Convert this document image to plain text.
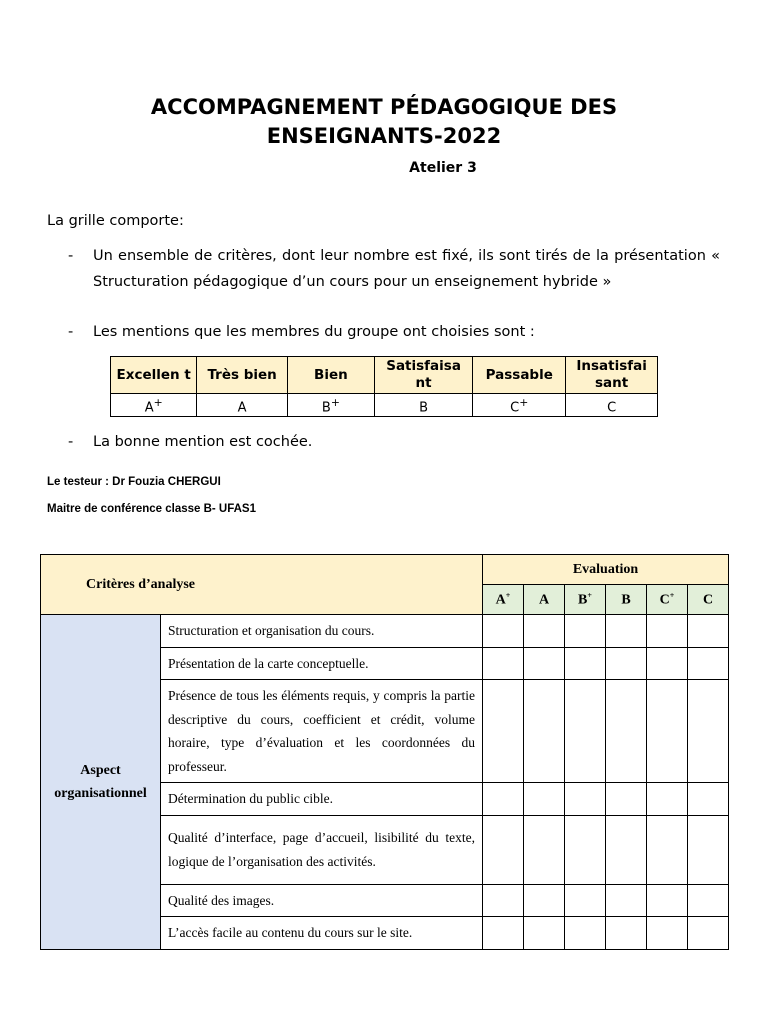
ACCOMPAGNEMENT PÉDAGOGIQUE DES
ENSEIGNANTS-2022
Atelier 3
La grille comporte:
- Un ensemble de critères, dont leur nombre est fixé, ils sont tirés de la présentation « Structuration pédagogique d’un cours pour un enseignement hybride »
- Les mentions que les membres du groupe ont choisies sont :
Excellen t	Très bien	Bien	Satisfaisa nt	Passable	Insatisfai sant
A+	A	B+	B	C+	C
- La bonne mention est cochée.
Le testeur : Dr Fouzia CHERGUI
Maitre de conférence classe B- UFAS1
Critères d’analyse		Evaluation					
		A+	A	B+	B	C+	C
Aspect organisationnel	Structuration et organisation du cours.						
	Présentation de la carte conceptuelle.						
	Présence de tous les éléments requis, y compris la partie descriptive du cours, coefficient et crédit, volume horaire, type d’évaluation et les coordonnées du professeur.						
	Détermination du public cible.						
	Qualité d’interface, page d’accueil, lisibilité du texte, logique de l’organisation des activités.						
	Qualité des images.						
	L’accès facile au contenu du cours sur le site.						
